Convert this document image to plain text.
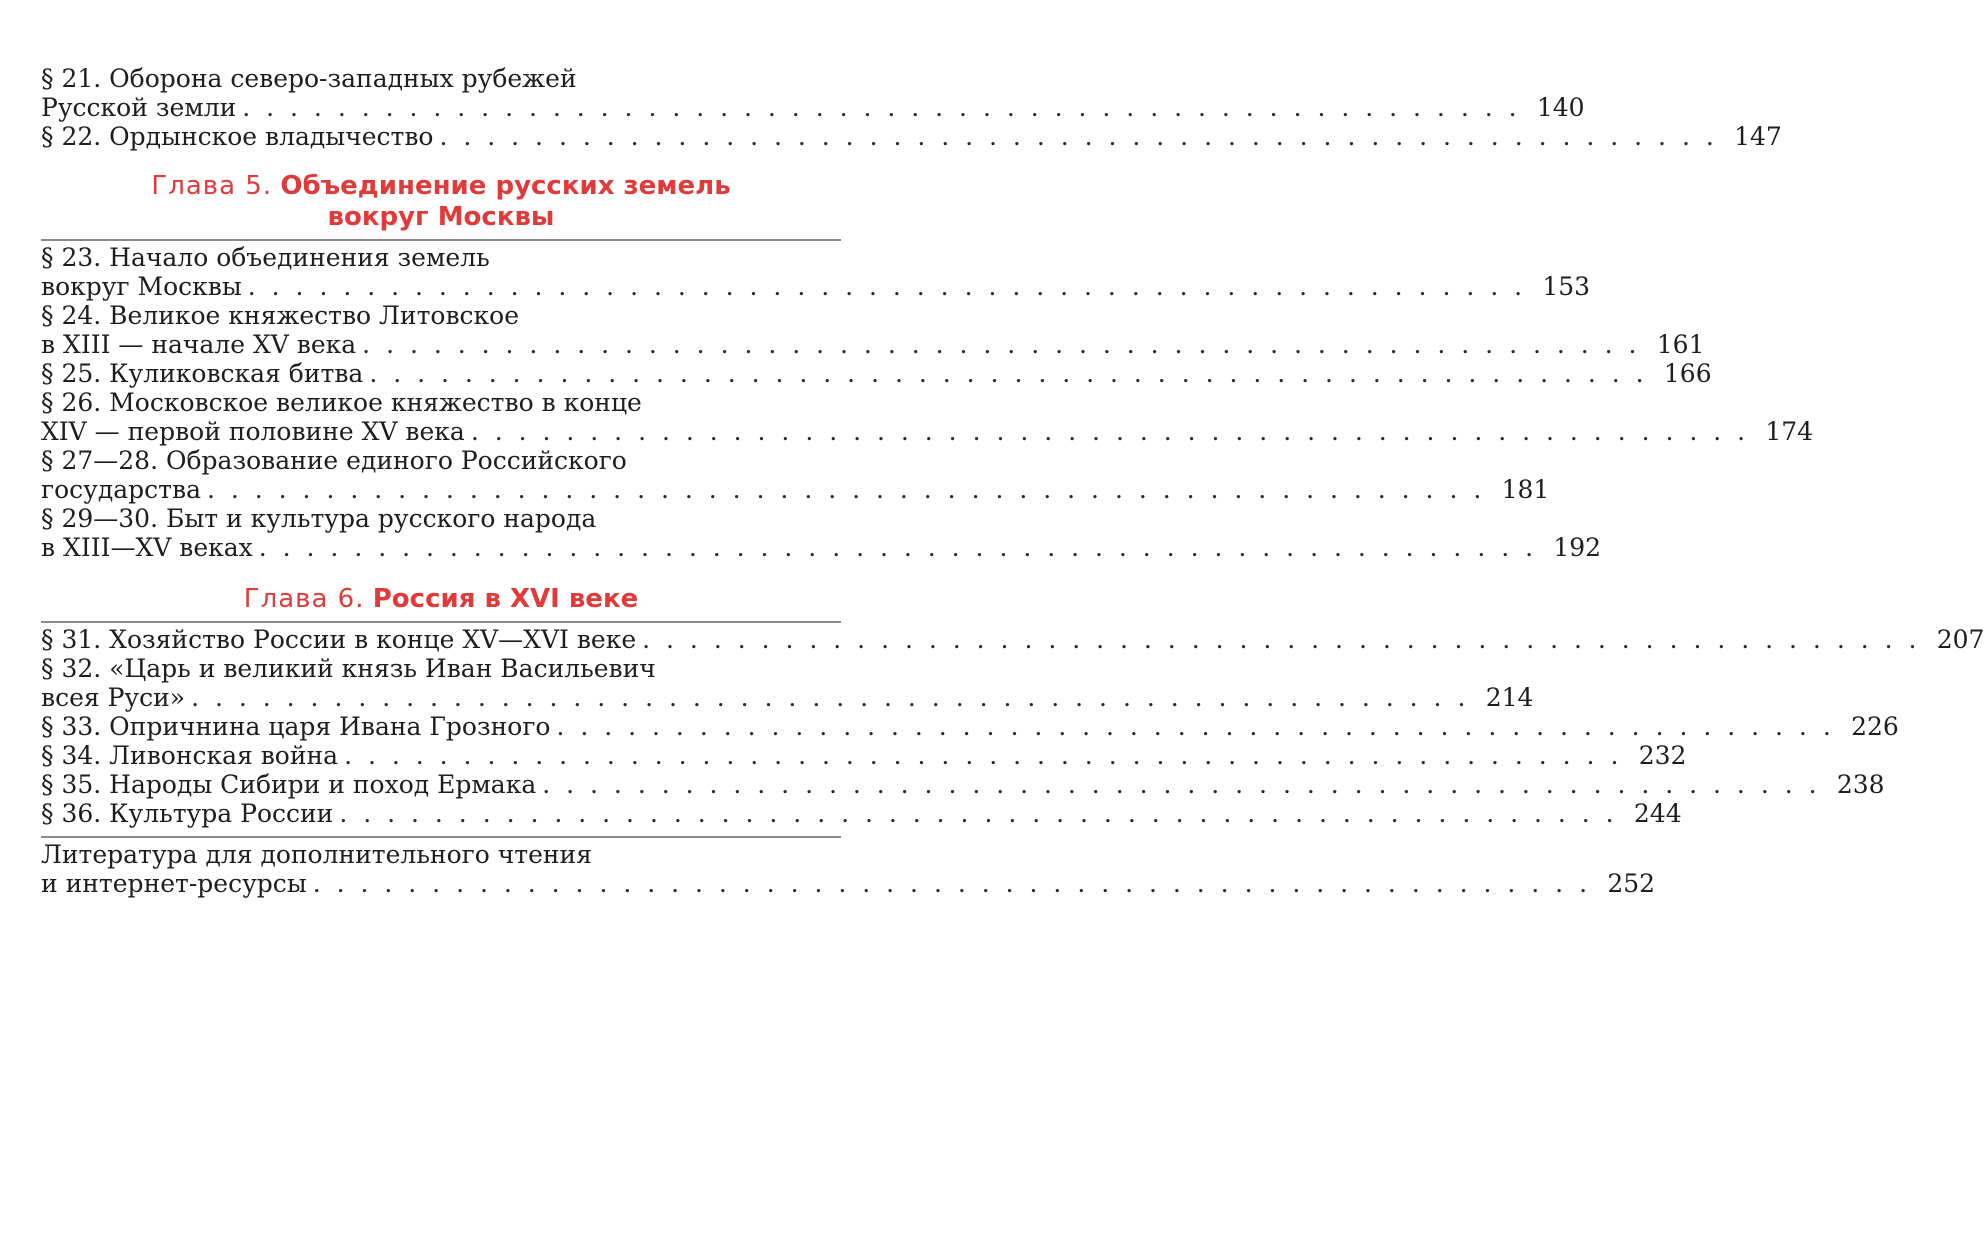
§ 21. Оборона северо-западных рубежей
Русской земли . . . . . . . . . . . . . . . . . . . . . . . . . . . . . . . . . . . . . . . . . . . . . . . . . . . . . . 140
§ 22. Ордынское владычество . . . . . . . . . . . . . . . . . . . . . . . . . . . . . . . . . . . . . . . . . . . . . . . . . . . . . . 147
Глава 5. Объединение русских земель
вокруг Москвы
§ 23. Начало объединения земель
вокруг Москвы . . . . . . . . . . . . . . . . . . . . . . . . . . . . . . . . . . . . . . . . . . . . . . . . . . . . . . 153
§ 24. Великое княжество Литовское
в XIII — начале XV века . . . . . . . . . . . . . . . . . . . . . . . . . . . . . . . . . . . . . . . . . . . . . . . . . . . . . . 161
§ 25. Куликовская битва . . . . . . . . . . . . . . . . . . . . . . . . . . . . . . . . . . . . . . . . . . . . . . . . . . . . . . 166
§ 26. Московское великое княжество в конце
XIV — первой половине XV века . . . . . . . . . . . . . . . . . . . . . . . . . . . . . . . . . . . . . . . . . . . . . . . . . . . . . . 174
§ 27—28. Образование единого Российского
государства . . . . . . . . . . . . . . . . . . . . . . . . . . . . . . . . . . . . . . . . . . . . . . . . . . . . . . 181
§ 29—30. Быт и культура русского народа
в XIII—XV веках . . . . . . . . . . . . . . . . . . . . . . . . . . . . . . . . . . . . . . . . . . . . . . . . . . . . . . 192
Глава 6. Россия в XVI веке
§ 31. Хозяйство России в конце XV—XVI веке . . . . . . . . . . . . . . . . . . . . . . . . . . . . . . . . . . . . . . . . . . . . . . . . . . . . . . 207
§ 32. «Царь и великий князь Иван Васильевич
всея Руси» . . . . . . . . . . . . . . . . . . . . . . . . . . . . . . . . . . . . . . . . . . . . . . . . . . . . . . 214
§ 33. Опричнина царя Ивана Грозного . . . . . . . . . . . . . . . . . . . . . . . . . . . . . . . . . . . . . . . . . . . . . . . . . . . . . . 226
§ 34. Ливонская война . . . . . . . . . . . . . . . . . . . . . . . . . . . . . . . . . . . . . . . . . . . . . . . . . . . . . . 232
§ 35. Народы Сибири и поход Ермака . . . . . . . . . . . . . . . . . . . . . . . . . . . . . . . . . . . . . . . . . . . . . . . . . . . . . . 238
§ 36. Культура России . . . . . . . . . . . . . . . . . . . . . . . . . . . . . . . . . . . . . . . . . . . . . . . . . . . . . . 244
Литература для дополнительного чтения
и интернет-ресурсы . . . . . . . . . . . . . . . . . . . . . . . . . . . . . . . . . . . . . . . . . . . . . . . . . . . . . . 252
